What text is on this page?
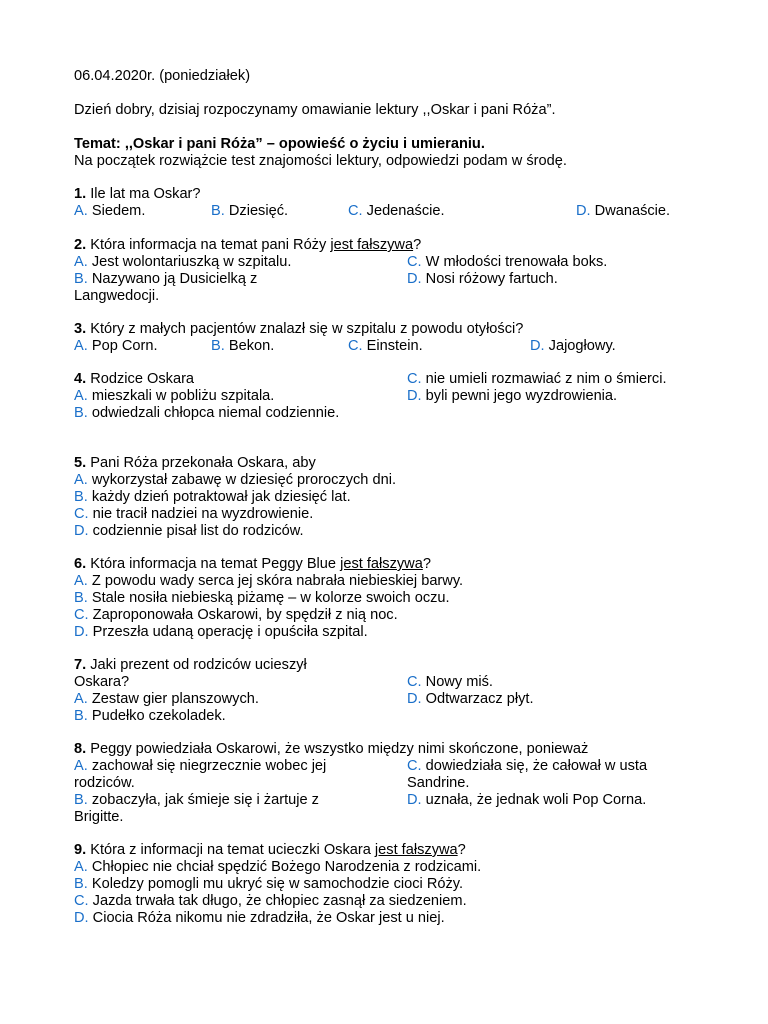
06.04.2020r. (poniedziałek)
Dzień dobry, dzisiaj rozpoczynamy omawianie lektury ,,Oskar i pani Róża”.
Temat: ,,Oskar i pani Róża” – opowieść o życiu i umieraniu.
Na początek rozwiążcie test znajomości lektury, odpowiedzi podam w środę.
1. Ile lat ma Oskar?
A. Siedem.	B. Dziesięć.	C. Jedenaście.	D. Dwanaście.
2. Która informacja na temat pani Róży jest fałszywa?
A. Jest wolontariuszką w szpitalu.
B. Nazywano ją Dusicielką z
Langwedocji.
C. W młodości trenowała boks.
D. Nosi różowy fartuch.
3. Który z małych pacjentów znalazł się w szpitalu z powodu otyłości?
A. Pop Corn.	B. Bekon.	C. Einstein.	D. Jajogłowy.
4. Rodzice Oskara
A. mieszkali w pobliżu szpitala.
B. odwiedzali chłopca niemal codziennie.
C. nie umieli rozmawiać z nim o śmierci.
D. byli pewni jego wyzdrowienia.
5. Pani Róża przekonała Oskara, aby
A. wykorzystał zabawę w dziesięć proroczych dni.
B. każdy dzień potraktował jak dziesięć lat.
C. nie tracił nadziei na wyzdrowienie.
D. codziennie pisał list do rodziców.
6. Która informacja na temat Peggy Blue jest fałszywa?
A. Z powodu wady serca jej skóra nabrała niebieskiej barwy.
B. Stale nosiła niebieską piżamę – w kolorze swoich oczu.
C. Zaproponowała Oskarowi, by spędził z nią noc.
D. Przeszła udaną operację i opuściła szpital.
7. Jaki prezent od rodziców ucieszył
Oskara?
A. Zestaw gier planszowych.
B. Pudełko czekoladek.
C. Nowy miś.
D. Odtwarzacz płyt.
8. Peggy powiedziała Oskarowi, że wszystko między nimi skończone, ponieważ
A. zachował się niegrzecznie wobec jej
rodziców.
B. zobaczyła, jak śmieje się i żartuje z
Brigitte.
C. dowiedziała się, że całował w usta
Sandrine.
D. uznała, że jednak woli Pop Corna.
9. Która z informacji na temat ucieczki Oskara jest fałszywa?
A. Chłopiec nie chciał spędzić Bożego Narodzenia z rodzicami.
B. Koledzy pomogli mu ukryć się w samochodzie cioci Róży.
C. Jazda trwała tak długo, że chłopiec zasnął za siedzeniem.
D. Ciocia Róża nikomu nie zdradziła, że Oskar jest u niej.
